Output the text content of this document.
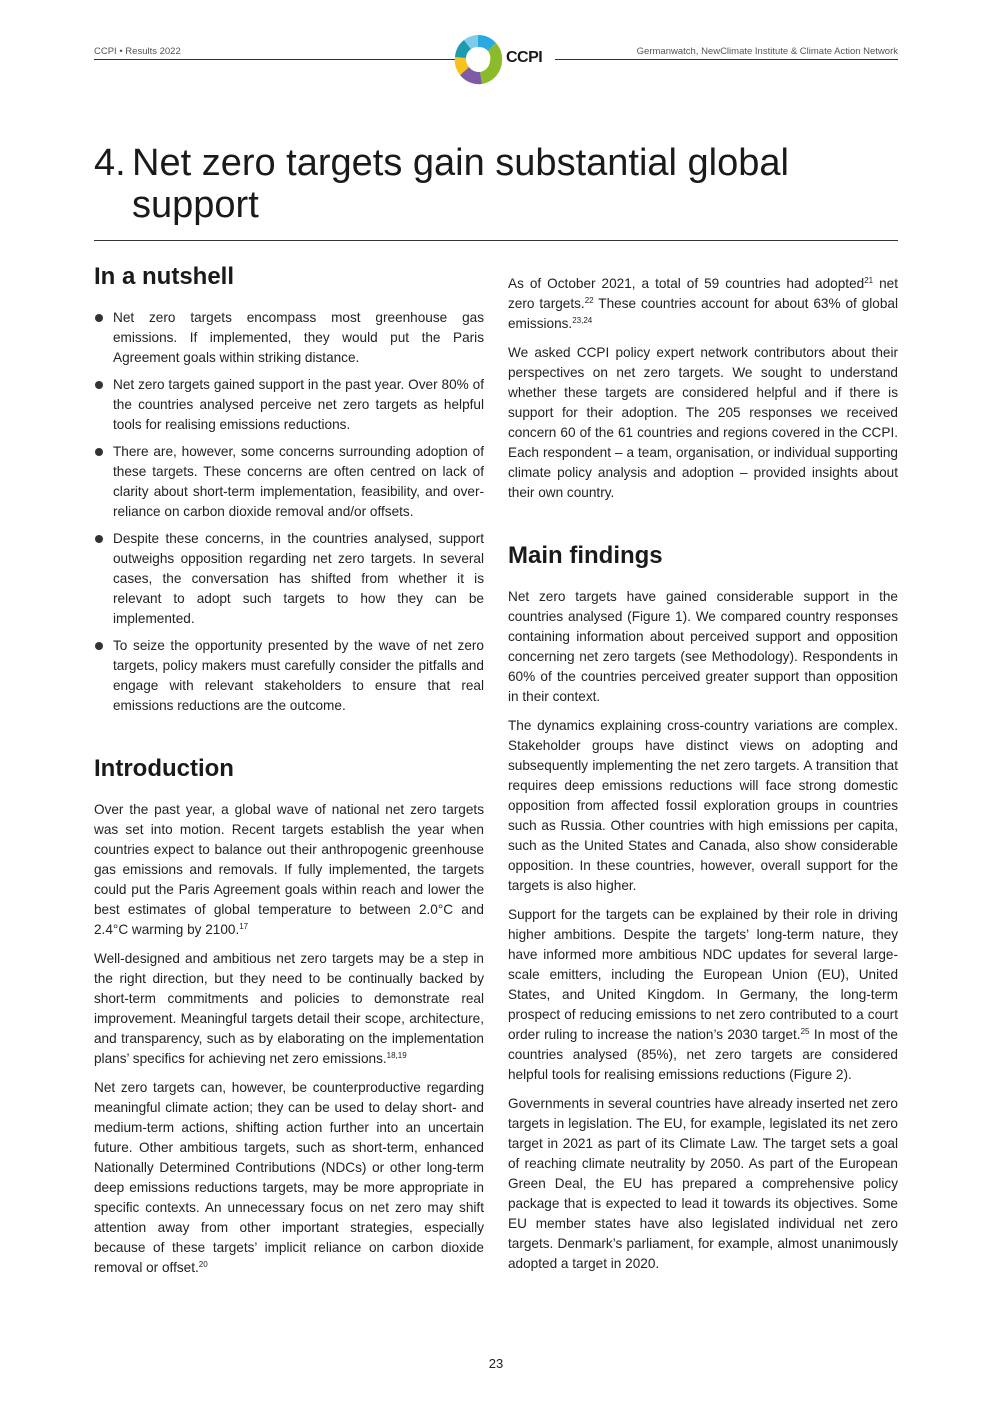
CCPI • Results 2022	CCPI	Germanwatch, NewClimate Institute & Climate Action Network
4. Net zero targets gain substantial global support
In a nutshell
Net zero targets encompass most greenhouse gas emissions. If implemented, they would put the Paris Agreement goals within striking distance.
Net zero targets gained support in the past year. Over 80% of the countries analysed perceive net zero targets as helpful tools for realising emissions reductions.
There are, however, some concerns surrounding adoption of these targets. These concerns are often centred on lack of clarity about short-term implementation, feasibility, and over-reliance on carbon dioxide removal and/or offsets.
Despite these concerns, in the countries analysed, support outweighs opposition regarding net zero targets. In several cases, the conversation has shifted from whether it is relevant to adopt such targets to how they can be implemented.
To seize the opportunity presented by the wave of net zero targets, policy makers must carefully consider the pitfalls and engage with relevant stakeholders to ensure that real emissions reductions are the outcome.
Introduction

Over the past year, a global wave of national net zero targets was set into motion. Recent targets establish the year when countries expect to balance out their anthropogenic greenhouse gas emissions and removals. If fully implemented, the targets could put the Paris Agreement goals within reach and lower the best estimates of global temperature to between 2.0°C and 2.4°C warming by 2100.17

Well-designed and ambitious net zero targets may be a step in the right direction, but they need to be continually backed by short-term commitments and policies to demonstrate real improvement. Meaningful targets detail their scope, architecture, and transparency, such as by elaborating on the implementation plans’ specifics for achieving net zero emissions.$^{18,19}$

Net zero targets can, however, be counterproductive regarding meaningful climate action; they can be used to delay short- and medium-term actions, shifting action further into an uncertain future. Other ambitious targets, such as short-term, enhanced Nationally Determined Contributions (NDCs) or other long-term deep emissions reductions targets, may be more appropriate in specific contexts. An unnecessary focus on net zero may shift attention away from other important strategies, especially because of these targets’ implicit reliance on carbon dioxide removal or offset.$^{20}$

As of October 2021, a total of 59 countries had adopted$^{21}$ net zero targets.$^{22}$ These countries account for about 63% of global emissions.$^{23,24}$

We asked CCPI policy expert network contributors about their perspectives on net zero targets. We sought to understand whether these targets are considered helpful and if there is support for their adoption. The 205 responses we received concern 60 of the 61 countries and regions covered in the CCPI. Each respondent – a team, organisation, or individual supporting climate policy analysis and adoption – provided insights about their own country.

Main findings

Net zero targets have gained considerable support in the countries analysed (Figure 1). We compared country responses containing information about perceived support and opposition concerning net zero targets (see Methodology). Respondents in 60% of the countries perceived greater support than opposition in their context.

The dynamics explaining cross-country variations are complex. Stakeholder groups have distinct views on adopting and subsequently implementing the net zero targets. A transition that requires deep emissions reductions will face strong domestic opposition from affected fossil exploration groups in countries such as Russia. Other countries with high emissions per capita, such as the United States and Canada, also show considerable opposition. In these countries, however, overall support for the targets is also higher.

Support for the targets can be explained by their role in driving higher ambitions. Despite the targets’ long-term nature, they have informed more ambitious NDC updates for several large-scale emitters, including the European Union (EU), United States, and United Kingdom. In Germany, the long-term prospect of reducing emissions to net zero contributed to a court order ruling to increase the nation’s 2030 target.$^{25}$ In most of the countries analysed (85%), net zero targets are considered helpful tools for realising emissions reductions (Figure 2).

Governments in several countries have already inserted net zero targets in legislation. The EU, for example, legislated its net zero target in 2021 as part of its Climate Law. The target sets a goal of reaching climate neutrality by 2050. As part of the European Green Deal, the EU has prepared a comprehensive policy package that is expected to lead it towards its objectives. Some EU member states have also legislated individual net zero targets. Denmark’s parliament, for example, almost unanimously adopted a target in 2020.

23
